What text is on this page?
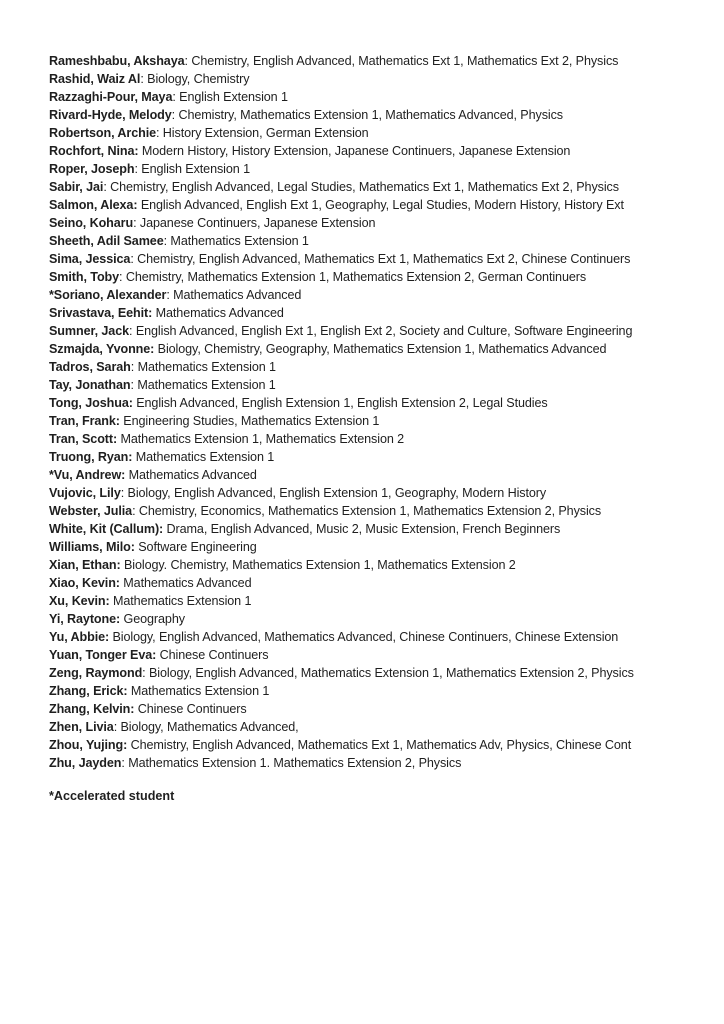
Rameshbabu, Akshaya: Chemistry, English Advanced, Mathematics Ext 1, Mathematics Ext 2, Physics
Rashid, Waiz Al: Biology, Chemistry
Razzaghi-Pour, Maya: English Extension 1
Rivard-Hyde, Melody: Chemistry, Mathematics Extension 1, Mathematics Advanced, Physics
Robertson, Archie: History Extension, German Extension
Rochfort, Nina: Modern History, History Extension, Japanese Continuers, Japanese Extension
Roper, Joseph: English Extension 1
Sabir, Jai: Chemistry, English Advanced, Legal Studies, Mathematics Ext 1, Mathematics Ext 2, Physics
Salmon, Alexa: English Advanced, English Ext 1, Geography, Legal Studies, Modern History, History Ext
Seino, Koharu: Japanese Continuers, Japanese Extension
Sheeth, Adil Samee: Mathematics Extension 1
Sima, Jessica: Chemistry, English Advanced, Mathematics Ext 1, Mathematics Ext 2, Chinese Continuers
Smith, Toby: Chemistry, Mathematics Extension 1, Mathematics Extension 2, German Continuers
*Soriano, Alexander: Mathematics Advanced
Srivastava, Eehit: Mathematics Advanced
Sumner, Jack: English Advanced, English Ext 1, English Ext 2, Society and Culture, Software Engineering
Szmajda, Yvonne: Biology, Chemistry, Geography, Mathematics Extension 1, Mathematics Advanced
Tadros, Sarah: Mathematics Extension 1
Tay, Jonathan: Mathematics Extension 1
Tong, Joshua: English Advanced, English Extension 1, English Extension 2, Legal Studies
Tran, Frank: Engineering Studies, Mathematics Extension 1
Tran, Scott: Mathematics Extension 1, Mathematics Extension 2
Truong, Ryan: Mathematics Extension 1
*Vu, Andrew: Mathematics Advanced
Vujovic, Lily: Biology, English Advanced, English Extension 1, Geography, Modern History
Webster, Julia: Chemistry, Economics, Mathematics Extension 1, Mathematics Extension 2, Physics
White, Kit (Callum): Drama, English Advanced, Music 2, Music Extension, French Beginners
Williams, Milo: Software Engineering
Xian, Ethan: Biology. Chemistry, Mathematics Extension 1, Mathematics Extension 2
Xiao, Kevin: Mathematics Advanced
Xu, Kevin: Mathematics Extension 1
Yi, Raytone: Geography
Yu, Abbie: Biology, English Advanced, Mathematics Advanced, Chinese Continuers, Chinese Extension
Yuan, Tonger Eva: Chinese Continuers
Zeng, Raymond: Biology, English Advanced, Mathematics Extension 1, Mathematics Extension 2, Physics
Zhang, Erick: Mathematics Extension 1
Zhang, Kelvin: Chinese Continuers
Zhen, Livia: Biology, Mathematics Advanced,
Zhou, Yujing: Chemistry, English Advanced, Mathematics Ext 1, Mathematics Adv, Physics, Chinese Cont
Zhu, Jayden: Mathematics Extension 1. Mathematics Extension 2, Physics
*Accelerated student
